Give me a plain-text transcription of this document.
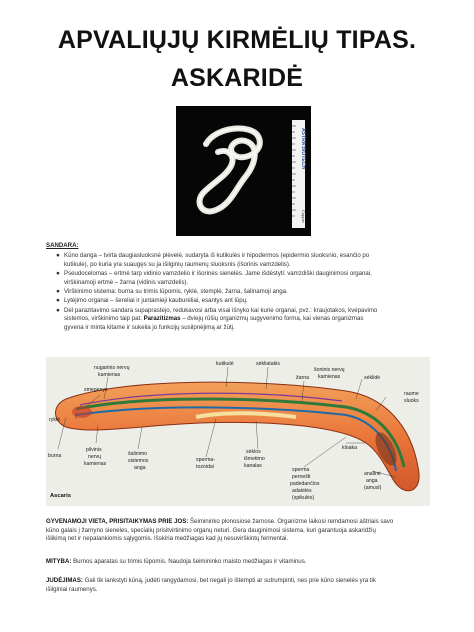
APVALIŲJŲ KIRMĖLIŲ TIPAS.
ASKARIDĖ
ASTRA BIOTECH
Coppin
SANDARA:
● Kūno danga – tvirta daugiasluoksnė plėvelė, sudaryta iš kutikulės ir hipodermos (epidermio sluoksnio, esančio po
kutikule), po kuria yra suaugęs su ja išilginių raumenų sluoksnis (išorinis vamzdelis).
● Pseudocelomas – ertmė tarp vidinio vamzdelio ir išorinės sienelės. Jame išdėstyti: vamzdiški dauginimosi organai,
virškinamoji ertmė – žarna (vidinis vamzdelis).
● Virškinimo sistema: burna su trimis lūpomis, ryklė, stemplė, žarna, šalinamoji anga.
● Lytėjimo organai – šereliai ir juntamieji kauburėliai, esantys ant lūpų.
● Dėl parazitavimo sandara supaprastėjo, redukavosi arba visai išnyko kai kurie organai, pvz.: kraujotakos, kvėpavimo
sistemos, virškinimo taip pat. Parazitizmas – dviejų rūšių organizmų sugyvenimo forma, kai vienas organizmas
gyvena ir minta kitame ir sukelia jo funkcijų susilpnėjimą ar žūtį.
nugarinis nervų
kamienas
kutikulė	sėkliatakis
šoninis nervų
kamienas
smegenys
žarna	sėklidė
ryklė
raume
sluoks
burna
pilvinis
nervų
kamienas
šalinimo
sistemos
anga
sperma-
tozoidai
sėklos
išmetimo
kanalas
kloaka
sperma
pernešti
padedančios
adatėlės
(spikulės)
analinė
anga
(amusl)
Ascaris

GYVENAMOJI VIETA, PRISITAIKYMAS PRIE JOS: Šeimininko plonosiose žarnose. Organizme laikosi remdamosi aštriais savo
kūno galais į žarnyno sieneles, specialių prisitvirtinimo organų neturi. Gera dauginimosi sistema, kuri garantuoja askaridžių
išlikimą net ir nepalankiomis sąlygomis. Išskiria medžiagas kad jų nesuvirškintų fermentai.

MITYBA: Burnos aparatas su trimis lūpomis. Naudoja šeimininko maisto medžiagas ir vitaminus.

JUDĖJIMAS: Gali tik lankstyti kūną, judėti rangydamosi, bet negali jo ištempti ar sutrumpinti, nes prie kūno sienelės yra tik
išilginiai raumenys.
